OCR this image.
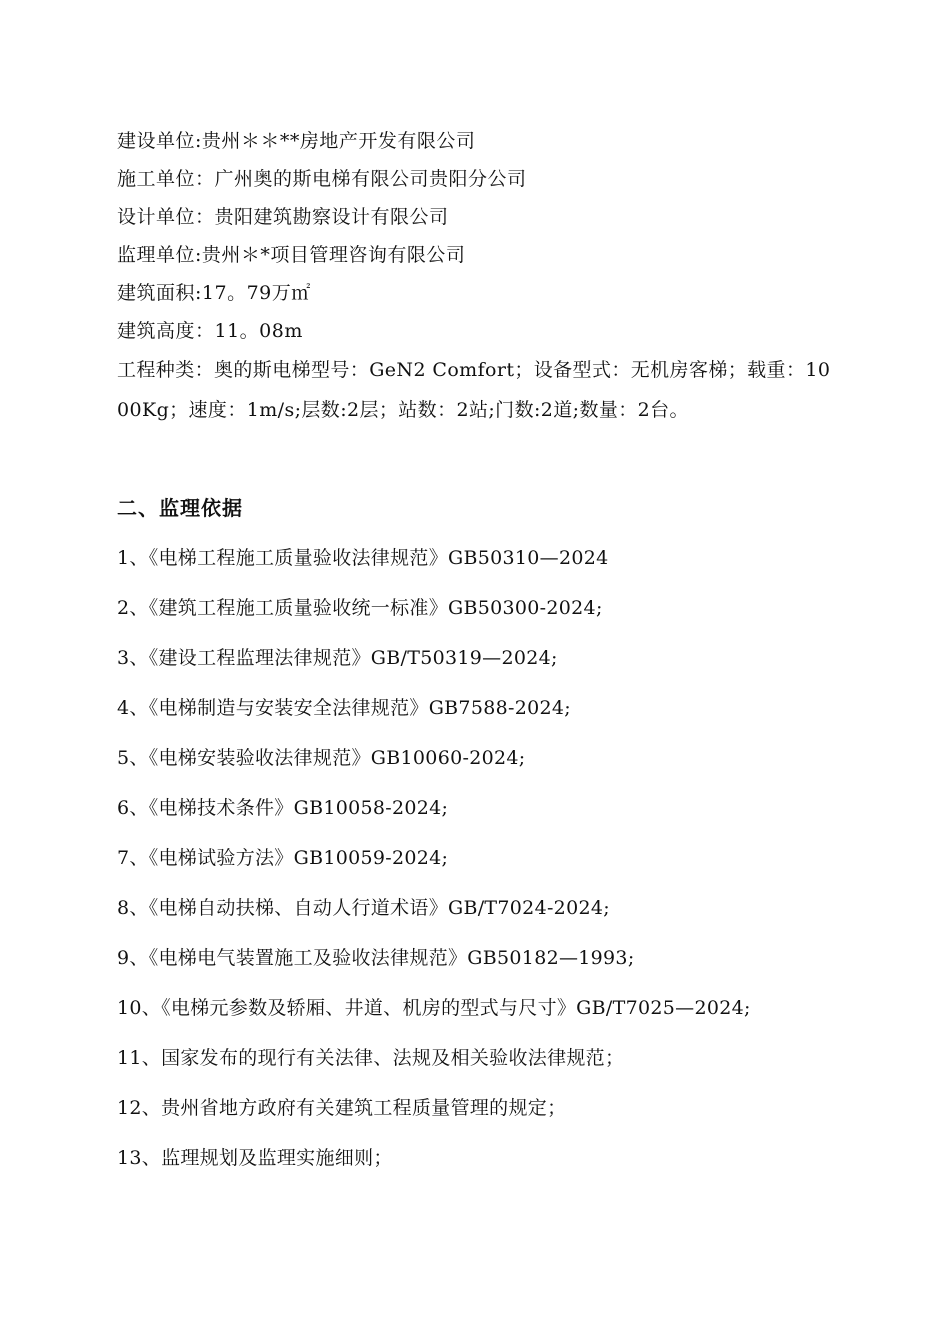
建设单位:贵州＊＊**房地产开发有限公司
施工单位：广州奥的斯电梯有限公司贵阳分公司
设计单位：贵阳建筑勘察设计有限公司
监理单位:贵州＊*项目管理咨询有限公司
建筑面积:17。79万㎡
建筑高度：11。08m
工程种类：奥的斯电梯型号：GeN2 Comfort；设备型式：无机房客梯；载重：1000Kg；速度：1m/s;层数:2层；站数：2站;门数:2道;数量：2台。
二、监理依据
1、《电梯工程施工质量验收法律规范》GB50310—2024
2、《建筑工程施工质量验收统一标准》GB50300-2024;
3、《建设工程监理法律规范》GB/T50319—2024;
4、《电梯制造与安装安全法律规范》GB7588-2024;
5、《电梯安装验收法律规范》GB10060-2024;
6、《电梯技术条件》GB10058-2024;
7、《电梯试验方法》GB10059-2024;
8、《电梯自动扶梯、自动人行道术语》GB/T7024-2024;
9、《电梯电气装置施工及验收法律规范》GB50182—1993;
10、《电梯元参数及轿厢、井道、机房的型式与尺寸》GB/T7025—2024;
11、国家发布的现行有关法律、法规及相关验收法律规范；
12、贵州省地方政府有关建筑工程质量管理的规定；
13、监理规划及监理实施细则；
